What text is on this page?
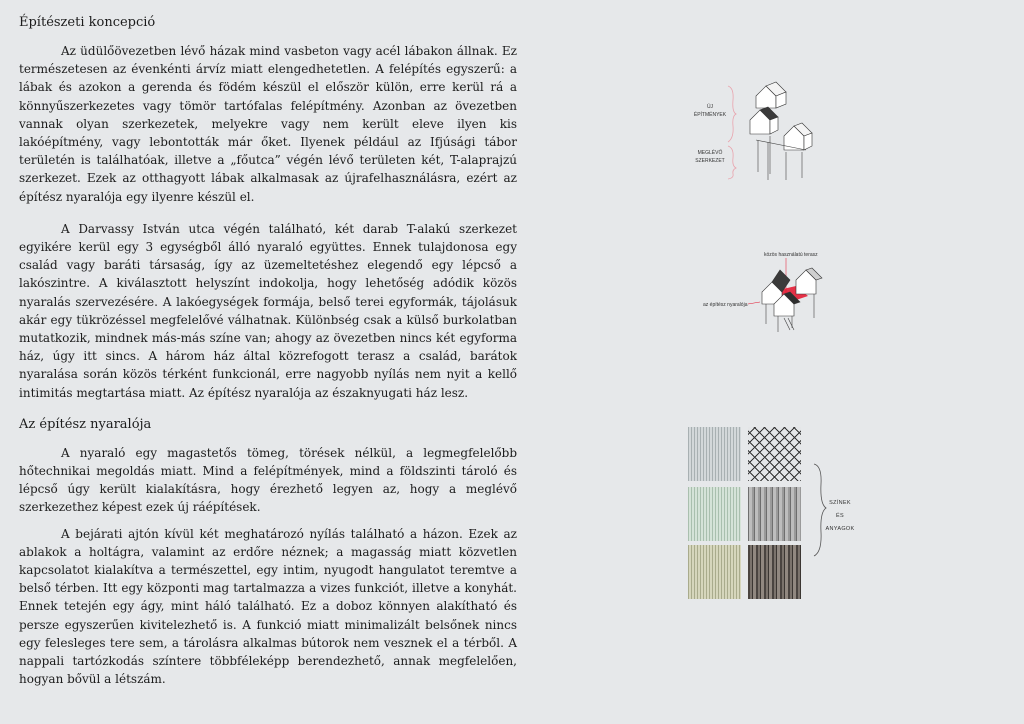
Építészeti koncepció

Az üdülőövezetben lévő házak mind vasbeton vagy acél lábakon állnak. Ez természetesen az évenkénti árvíz miatt elengedhetetlen. A felépítés egyszerű: a lábak és azokon a gerenda és födém készül el először külön, erre kerül rá a könnyűszerkezetes vagy tömör tartófalas felépítmény. Azonban az övezetben vannak olyan szerkezetek, melyekre vagy nem került eleve ilyen kis lakóépítmény, vagy lebontották már őket. Ilyenek például az Ifjúsági tábor területén is találhatóak, illetve a „főutca” végén lévő területen két, T-alaprajzú szerkezet. Ezek az otthagyott lábak alkalmasak az újrafelhasználásra, ezért az építész nyaralója egy ilyenre készül el.

A Darvassy István utca végén található, két darab T-alakú szerkezet egyikére kerül egy 3 egységből álló nyaraló együttes. Ennek tulajdonosa egy család vagy baráti társaság, így az üzemeltetéshez elegendő egy lépcső a lakószintre. A kiválasztott helyszínt indokolja, hogy lehetőség adódik közös nyaralás szervezésére. A lakóegységek formája, belső terei egyformák, tájolásuk akár egy tükrözéssel megfelelővé válhatnak. Különbség csak a külső burkolatban mutatkozik, mindnek más-más színe van; ahogy az övezetben nincs két egyforma ház, úgy itt sincs. A három ház által közrefogott terasz a család, barátok nyaralása során közös térként funkcionál, erre nagyobb nyílás nem nyit a kellő intimitás megtartása miatt. Az építész nyaralója az északnyugati ház lesz.

Az építész nyaralója

A nyaraló egy magastetős tömeg, törések nélkül, a legmegfelelőbb hőtechnikai megoldás miatt. Mind a felépítmények, mind a földszinti tároló és lépcső úgy került kialakításra, hogy érezhető legyen az, hogy a meglévő szerkezethez képest ezek új ráépítések.

A bejárati ajtón kívül két meghatározó nyílás található a házon. Ezek az ablakok a holtágra, valamint az erdőre néznek; a magasság miatt közvetlen kapcsolatot kialakítva a természettel, egy intim, nyugodt hangulatot teremtve a belső térben. Itt egy központi mag tartalmazza a vizes funkciót, illetve a konyhát. Ennek tetején egy ágy, mint háló található. Ez a doboz könnyen alakítható és persze egyszerűen kivitelezhető is. A funkció miatt minimalizált belsőnek nincs egy felesleges tere sem, a tárolásra alkalmas bútorok nem vesznek el a térből. A nappali tartózkodás színtere többféleképp berendezhető, annak megfelelően, hogyan bővül a létszám.

ÚJ
ÉPÍTMÉNYEK
MEGLÉVŐ
SZERKEZET
közös használatú terasz
az építész nyaralója
SZÍNEK
ÉS
ANYAGOK
